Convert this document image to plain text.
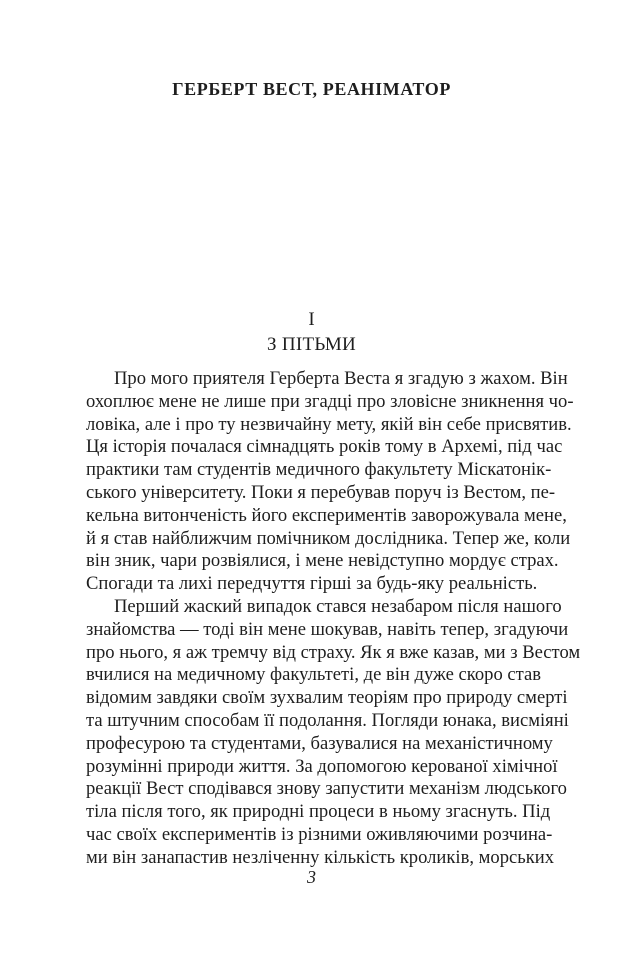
ГЕРБЕРТ ВЕСТ, РЕАНІМАТОР
I
З ПІТЬМИ
Про мого приятеля Герберта Веста я згадую з жахом. Він
охоплює мене не лише при згадці про зловісне зникнення чо-
ловіка, але і про ту незвичайну мету, якій він себе присвятив.
Ця історія почалася сімнадцять років тому в Архемі, під час
практики там студентів медичного факультету Міскатонік-
ського університету. Поки я перебував поруч із Вестом, пе-
кельна витонченість його експериментів заворожувала мене,
й я став найближчим помічником дослідника. Тепер же, коли
він зник, чари розвіялися, і мене невідступно мордує страх.
Спогади та лихі передчуття гірші за будь-яку реальність.
Перший жаский випадок стався незабаром після нашого
знайомства — тоді він мене шокував, навіть тепер, згадуючи
про нього, я аж тремчу від страху. Як я вже казав, ми з Вестом
вчилися на медичному факультеті, де він дуже скоро став
відомим завдяки своїм зухвалим теоріям про природу смерті
та штучним способам її подолання. Погляди юнака, висміяні
професурою та студентами, базувалися на механістичному
розумінні природи життя. За допомогою керованої хімічної
реакції Вест сподівався знову запустити механізм людського
тіла після того, як природні процеси в ньому згаснуть. Під
час своїх експериментів із різними оживляючими розчина-
ми він занапастив незліченну кількість кроликів, морських
3
